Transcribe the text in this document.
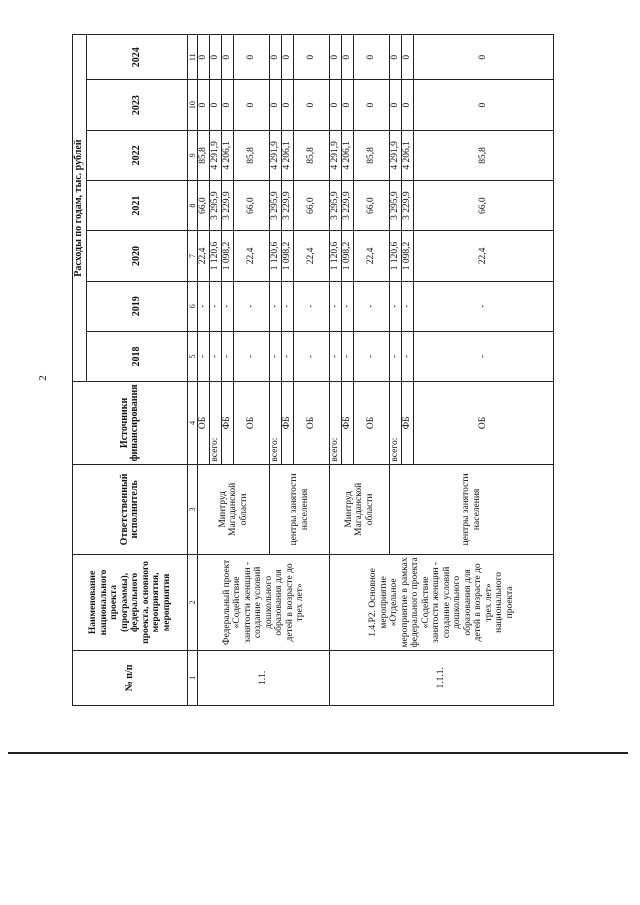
2
№ п/п	Наименование национального проекта (программы), федерального проекта, основного мероприятия, мероприятия	Ответственный исполнитель	Источники финансирования	Расходы по годам, тыс. рублей						
				2018	2019	2020	2021	2022	2023	2024
1	2	3	4	5	6	7	8	9	10	11
1.1.	Федеральный проект «Содействие занятости женщин - создание условий дошкольного образования для детей в возрасте до трех лет»	Минтруд Магаданской области	ОБ	-	-	22,4	66,0	85,8	0	0
			всего:	-	-	1 120,6	3 295,9	4 291,9	0	0
			ФБ	-	-	1 098,2	3 229,9	4 206,1	0	0
			ОБ	-	-	22,4	66,0	85,8	0	0
		центры занятости населения	всего:	-	-	1 120,6	3 295,9	4 291,9	0	0
			ФБ	-	-	1 098,2	3 229,9	4 206,1	0	0
			ОБ	-	-	22,4	66,0	85,8	0	0
1.1.1.	1.4.Р2. Основное мероприятие «Отдельное мероприятие в рамках федерального проекта «Содействие занятости женщин - создание условий дошкольного образования для детей в возрасте до трех лет» национального проекта	Минтруд Магаданской области	всего:	-	-	1 120,6	3 295,9	4 291,9	0	0
			ФБ	-	-	1 098,2	3 229,9	4 206,1	0	0
			ОБ	-	-	22,4	66,0	85,8	0	0
		центры занятости населения	всего:	-	-	1 120,6	3 295,9	4 291,9	0	0
			ФБ	-	-	1 098,2	3 229,9	4 206,1	0	0
			ОБ	-	-	22,4	66,0	85,8	0	0
